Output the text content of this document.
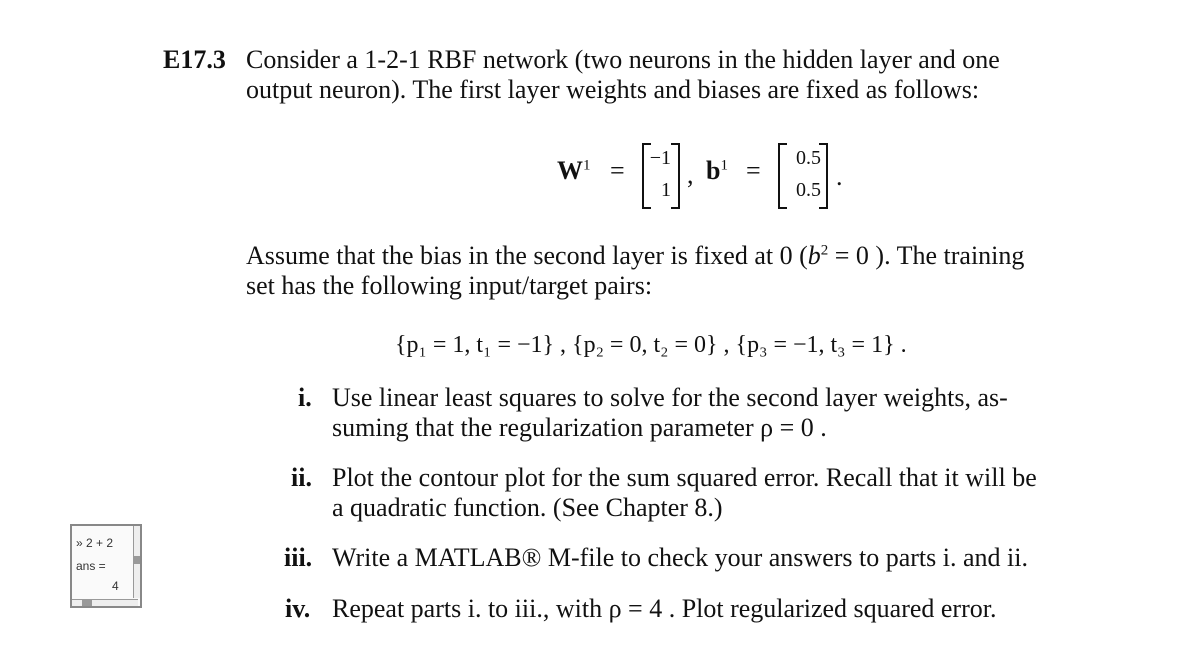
E17.3 Consider a 1-2-1 RBF network (two neurons in the hidden layer and one
output neuron). The first layer weights and biases are fixed as follows:
$W^1 = -1$
1
, $b^1 = 0.5$
0.5 .
Assume that the bias in the second layer is fixed at 0 ($b^2 = 0$ ). The training
set has the following input/target pairs:
{p₁ = 1, t₁ = −1} , {p₂ = 0, t₂ = 0} , {p₃ = −1, t₃ = 1} .
i. Use linear least squares to solve for the second layer weights, as-
suming that the regularization parameter ρ = 0 .
ii. Plot the contour plot for the sum squared error. Recall that it will be
a quadratic function. (See Chapter 8.)
iii. Write a MATLAB® M-file to check your answers to parts i. and ii.
iv. Repeat parts i. to iii., with ρ = 4 . Plot regularized squared error.
» 2 + 2
ans =
4
